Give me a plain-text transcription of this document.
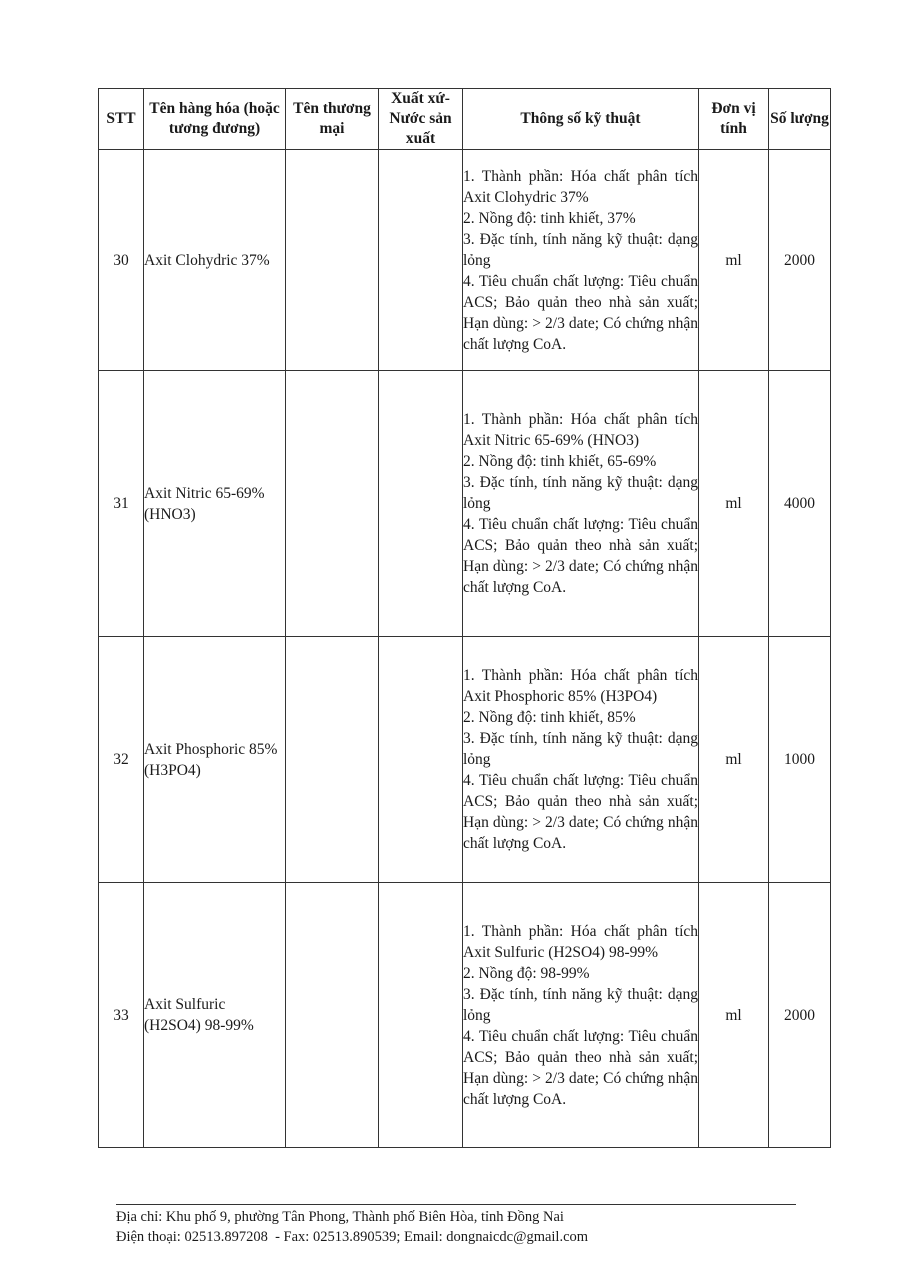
STT	Tên hàng hóa (hoặc tương đương)	Tên thương mại	Xuất xứ- Nước sản xuất	Thông số kỹ thuật	Đơn vị tính	Số lượng
30	Axit Clohydric 37%			1. Thành phần: Hóa chất phân tích Axit Clohydric 37%
2. Nồng độ: tinh khiết, 37%
3. Đặc tính, tính năng kỹ thuật: dạng lỏng
4. Tiêu chuẩn chất lượng: Tiêu chuẩn ACS; Bảo quản theo nhà sản xuất; Hạn dùng: > 2/3 date; Có chứng nhận chất lượng CoA.	ml	2000
31	Axit Nitric 65-69% (HNO3)			1. Thành phần: Hóa chất phân tích Axit Nitric 65-69% (HNO3)
2. Nồng độ: tinh khiết, 65-69%
3. Đặc tính, tính năng kỹ thuật: dạng lỏng
4. Tiêu chuẩn chất lượng: Tiêu chuẩn ACS; Bảo quản theo nhà sản xuất; Hạn dùng: > 2/3 date; Có chứng nhận chất lượng CoA.	ml	4000
32	Axit Phosphoric 85% (H3PO4)			1. Thành phần: Hóa chất phân tích Axit Phosphoric 85% (H3PO4)
2. Nồng độ: tinh khiết, 85%
3. Đặc tính, tính năng kỹ thuật: dạng lỏng
4. Tiêu chuẩn chất lượng: Tiêu chuẩn ACS; Bảo quản theo nhà sản xuất; Hạn dùng: > 2/3 date; Có chứng nhận chất lượng CoA.	ml	1000
33	Axit Sulfuric (H2SO4) 98-99%			1. Thành phần: Hóa chất phân tích Axit Sulfuric (H2SO4) 98-99%
2. Nồng độ: 98-99%
3. Đặc tính, tính năng kỹ thuật: dạng lỏng
4. Tiêu chuẩn chất lượng: Tiêu chuẩn ACS; Bảo quản theo nhà sản xuất; Hạn dùng: > 2/3 date; Có chứng nhận chất lượng CoA.	ml	2000
Địa chỉ: Khu phố 9, phường Tân Phong, Thành phố Biên Hòa, tỉnh Đồng Nai
Điện thoại: 02513.897208  - Fax: 02513.890539; Email: dongnaicdc@gmail.com
